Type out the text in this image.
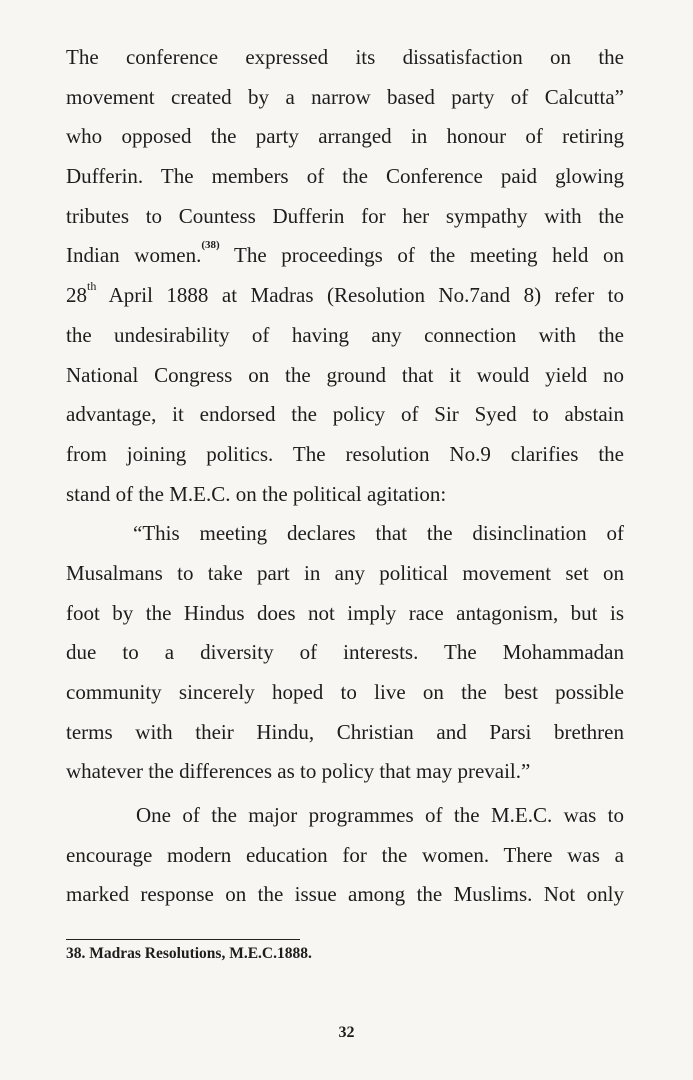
The conference expressed its dissatisfaction on the
movement created by a narrow based party of Calcutta”
who opposed the party arranged in honour of retiring
Dufferin. The members of the Conference paid glowing
tributes to Countess Dufferin for her sympathy with the
Indian women.$^{(38)}$ The proceedings of the meeting held on
28th April 1888 at Madras (Resolution No.7and 8) refer to
the undesirability of having any connection with the
National Congress on the ground that it would yield no
advantage, it endorsed the policy of Sir Syed to abstain
from joining politics. The resolution No.9 clarifies the
stand of the M.E.C. on the political agitation:
“This meeting declares that the disinclination of
Musalmans to take part in any political movement set on
foot by the Hindus does not imply race antagonism, but is
due to a diversity of interests. The Mohammadan
community sincerely hoped to live on the best possible
terms with their Hindu, Christian and Parsi brethren
whatever the differences as to policy that may prevail.”
One of the major programmes of the M.E.C. was to
encourage modern education for the women. There was a
marked response on the issue among the Muslims. Not only
38. Madras Resolutions, M.E.C.1888.
32
